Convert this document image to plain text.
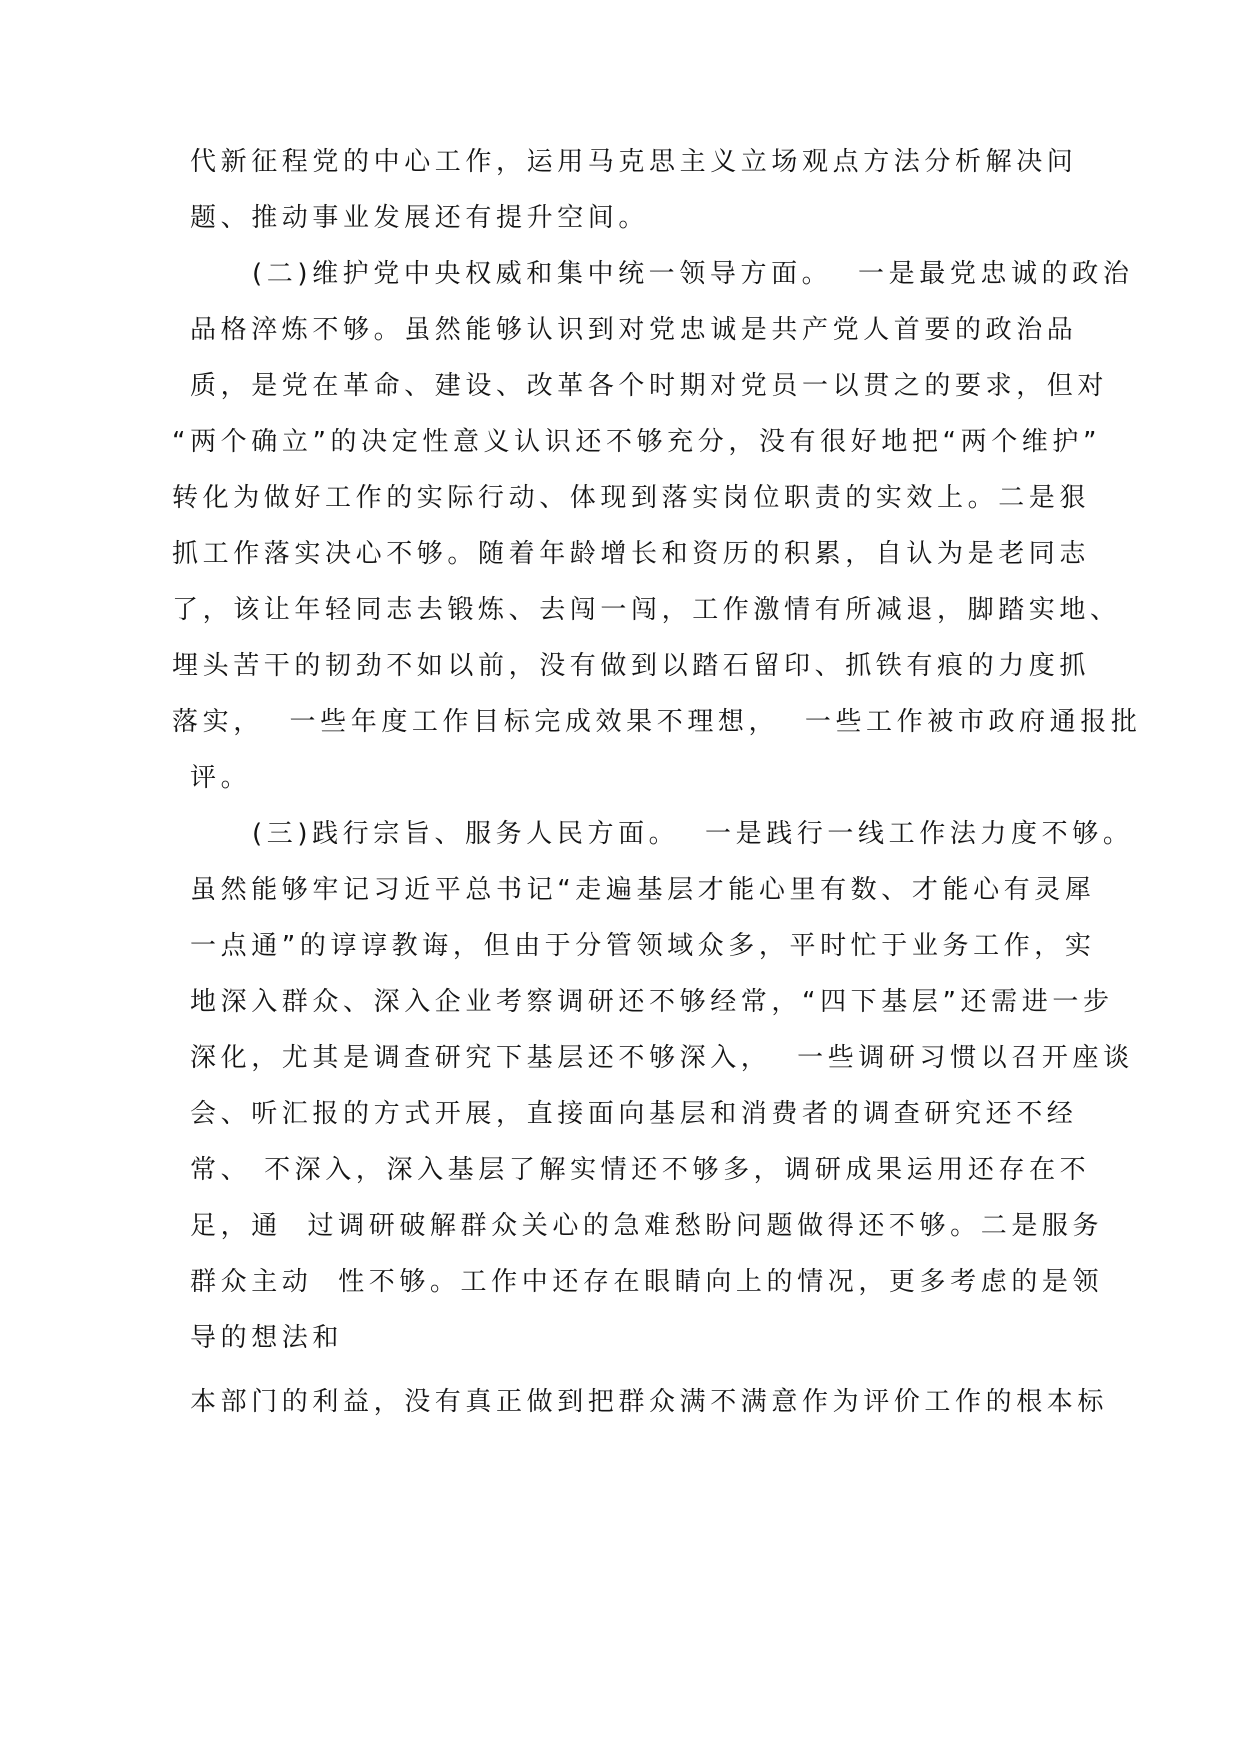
代新征程党的中心工作，运用马克思主义立场观点方法分析解决问

题、推动事业发展还有提升空间。

(二)维护党中央权威和集中统一领导方面。  一是最党忠诚的政治

品格淬炼不够。虽然能够认识到对党忠诚是共产党人首要的政治品

质，是党在革命、建设、改革各个时期对党员一以贯之的要求，但对

“两个确立”的决定性意义认识还不够充分，没有很好地把“两个维护”

转化为做好工作的实际行动、体现到落实岗位职责的实效上。二是狠

抓工作落实决心不够。随着年龄增长和资历的积累，自认为是老同志

了，该让年轻同志去锻炼、去闯一闯，工作激情有所减退，脚踏实地、

埋头苦干的韧劲不如以前，没有做到以踏石留印、抓铁有痕的力度抓

落实，  一些年度工作目标完成效果不理想，  一些工作被市政府通报批

评。

(三)践行宗旨、服务人民方面。  一是践行一线工作法力度不够。

虽然能够牢记习近平总书记“走遍基层才能心里有数、才能心有灵犀

一点通”的谆谆教诲，但由于分管领域众多，平时忙于业务工作，实

地深入群众、深入企业考察调研还不够经常，“四下基层”还需进一步

深化，尤其是调查研究下基层还不够深入，  一些调研习惯以召开座谈

会、听汇报的方式开展，直接面向基层和消费者的调查研究还不经

常、 不深入，深入基层了解实情还不够多，调研成果运用还存在不

足，通  过调研破解群众关心的急难愁盼问题做得还不够。二是服务

群众主动  性不够。工作中还存在眼睛向上的情况，更多考虑的是领

导的想法和

本部门的利益，没有真正做到把群众满不满意作为评价工作的根本标
